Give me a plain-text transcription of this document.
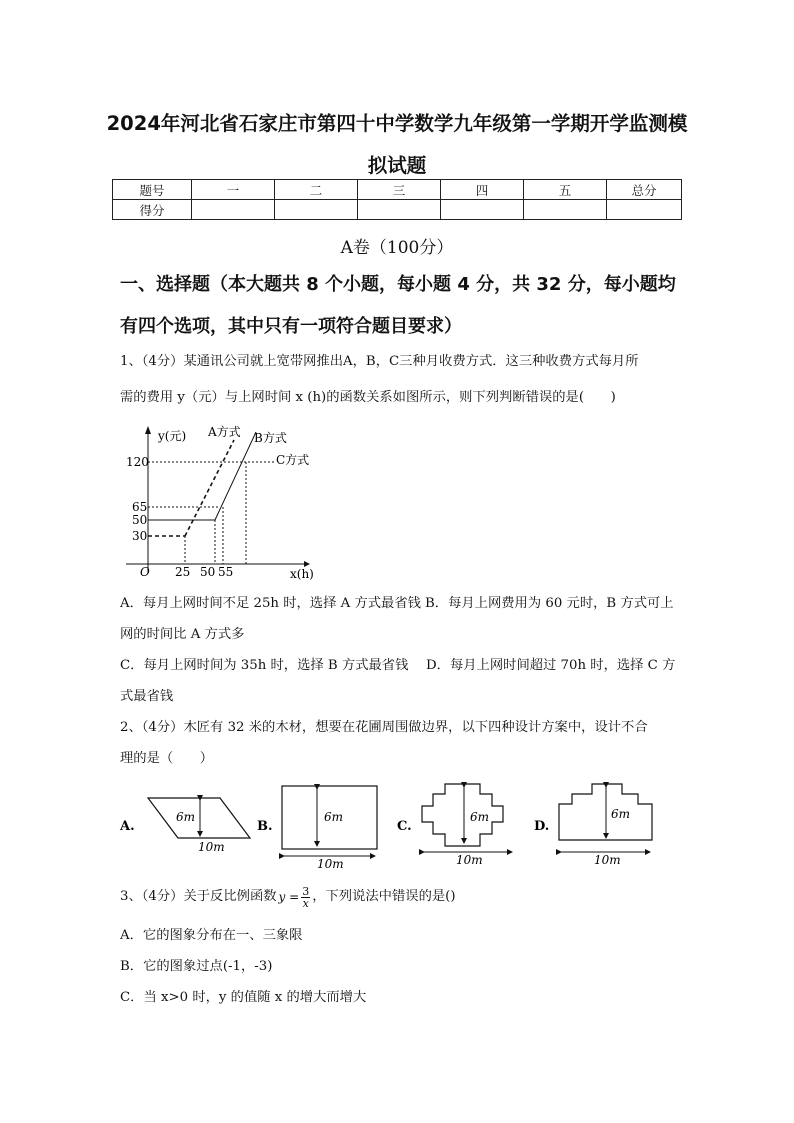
2024年河北省石家庄市第四十中学数学九年级第一学期开学监测模
拟试题
题号	一	二	三	四	五	总分
得分						
A卷（100分）
一、选择题（本大题共 8 个小题，每小题 4 分，共 32 分，每小题均
有四个选项，其中只有一项符合题目要求）
1、（4分）某通讯公司就上宽带网推出A，B，C三种月收费方式．这三种收费方式每月所
需的费用 y（元）与上网时间 x (h)的函数关系如图所示，则下列判断错误的是(　　)
y(元)
x(h)
O
120
65
50
30
25 50 55
A方式 B方式
C方式
A．每月上网时间不足 25h 时，选择 A 方式最省钱 B．每月上网费用为 60 元时，B 方式可上
网的时间比 A 方式多
C．每月上网时间为 35h 时，选择 B 方式最省钱 D．每月上网时间超过 70h 时，选择 C 方
式最省钱
2、（4分）木匠有 32 米的木材，想要在花圃周围做边界，以下四种设计方案中，设计不合
理的是（　　）
A.
6m
10m
B.
6m
10m
C.
6m
10m
D.
6m
10m
3、（4分）关于反比例函数 $y = \frac{3}{x}$ ，下列说法中错误的是()
A．它的图象分布在一、三象限
B．它的图象过点(-1，-3)
C．当 x>0 时，y 的值随 x 的增大而增大
